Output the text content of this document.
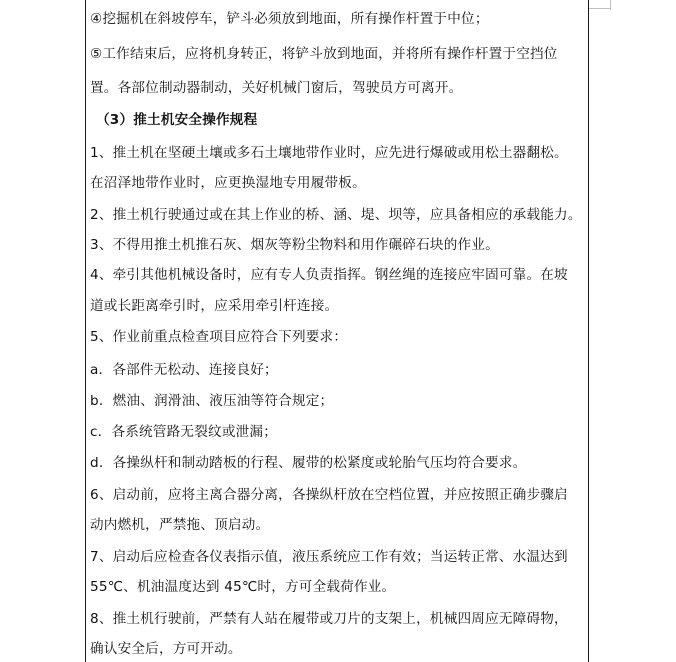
④挖掘机在斜坡停车，铲斗必须放到地面，所有操作杆置于中位；
⑤工作结束后，应将机身转正，将铲斗放到地面，并将所有操作杆置于空挡位
置。各部位制动器制动，关好机械门窗后，驾驶员方可离开。
（3）推土机安全操作规程
1、推土机在坚硬土壤或多石土壤地带作业时，应先进行爆破或用松土器翻松。
在沼泽地带作业时，应更换湿地专用履带板。
2、推土机行驶通过或在其上作业的桥、涵、堤、坝等，应具备相应的承载能力。
3、不得用推土机推石灰、烟灰等粉尘物料和用作碾碎石块的作业。
4、牵引其他机械设备时，应有专人负责指挥。钢丝绳的连接应牢固可靠。在坡
道或长距离牵引时，应采用牵引杆连接。
5、作业前重点检查项目应符合下列要求：
a．各部件无松动、连接良好；
b．燃油、润滑油、液压油等符合规定；
c．各系统管路无裂纹或泄漏；
d．各操纵杆和制动踏板的行程、履带的松紧度或轮胎气压均符合要求。
6、启动前，应将主离合器分离，各操纵杆放在空档位置，并应按照正确步骤启
动内燃机，严禁拖、顶启动。
7、启动后应检查各仪表指示值，液压系统应工作有效；当运转正常、水温达到
55℃、机油温度达到 45℃时，方可全载荷作业。
8、推土机行驶前，严禁有人站在履带或刀片的支架上，机械四周应无障碍物，
确认安全后，方可开动。
